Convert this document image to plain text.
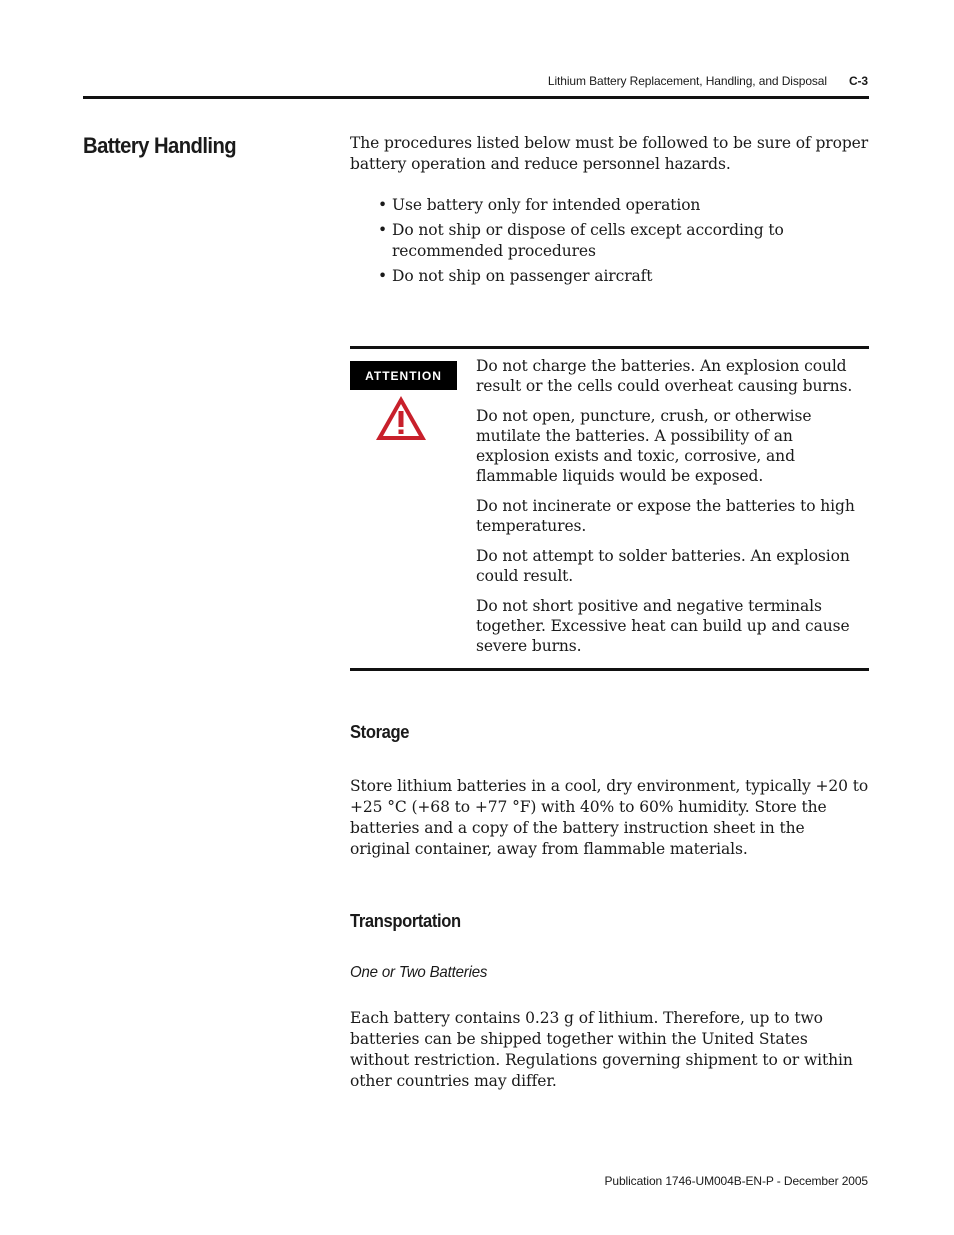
Lithium Battery Replacement, Handling, and Disposal C-3
Battery Handling	The procedures listed below must be followed to be sure of proper battery operation and reduce personnel hazards.

• Use battery only for intended operation
• Do not ship or dispose of cells except according to recommended procedures
• Do not ship on passenger aircraft
ATTENTION

Do not charge the batteries. An explosion could result or the cells could overheat causing burns.

Do not open, puncture, crush, or otherwise mutilate the batteries. A possibility of an explosion exists and toxic, corrosive, and flammable liquids would be exposed.

Do not incinerate or expose the batteries to high temperatures.

Do not attempt to solder batteries. An explosion could result.

Do not short positive and negative terminals together. Excessive heat can build up and cause severe burns.

Storage

Store lithium batteries in a cool, dry environment, typically +20 to +25 °C (+68 to +77 °F) with 40% to 60% humidity. Store the batteries and a copy of the battery instruction sheet in the original container, away from flammable materials.

Transportation
One or Two Batteries

Each battery contains 0.23 g of lithium. Therefore, up to two batteries can be shipped together within the United States without restriction. Regulations governing shipment to or within other countries may differ.

Publication 1746-UM004B-EN-P - December 2005
